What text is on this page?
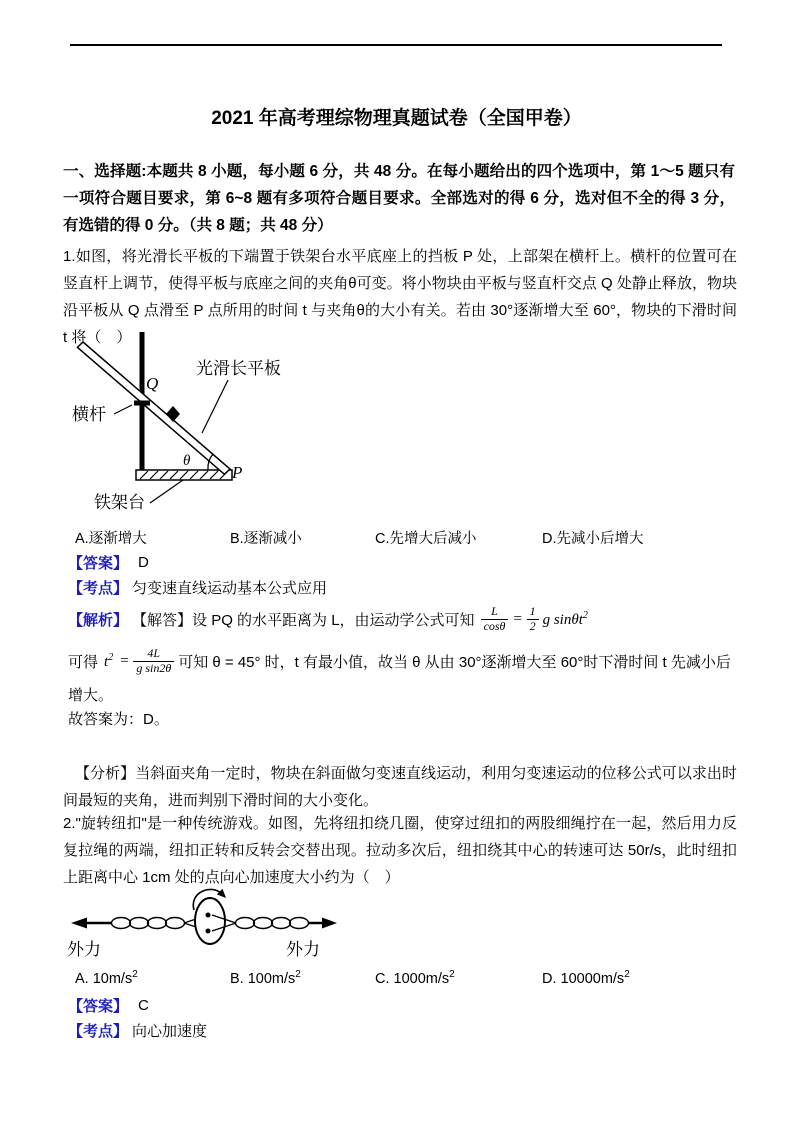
2021 年高考理综物理真题试卷（全国甲卷）
一、选择题:本题共 8 小题，每小题 6 分，共 48 分。在每小题给出的四个选项中，第 1～5 题只有一项符合题目要求，第 6~8 题有多项符合题目要求。全部选对的得 6 分，选对但不全的得 3 分，有选错的得 0 分。（共 8 题；共 48 分）
1.如图，将光滑长平板的下端置于铁架台水平底座上的挡板 P 处，上部架在横杆上。横杆的位置可在竖直杆上调节，使得平板与底座之间的夹角θ可变。将小物块由平板与竖直杆交点 Q 处静止释放，物块沿平板从 Q 点滑至 P 点所用的时间 t 与夹角θ的大小有关。若由 30°逐渐增大至 60°，物块的下滑时间 t 将（　）
Q
P
θ
光滑长平板
横杆
铁架台
A.逐渐增大	B.逐渐减小	C.先增大后减小	D.先减小后增大
【答案】 D
【考点】 匀变速直线运动基本公式应用
【解析】 【解答】 设 PQ 的水平距离为 L，由运动学公式可知 $\frac{L}{\cos\theta} = \frac{1}{2}$ g sinθt$^2$
可得 $t^2 = \frac{4L}{\text{g sin2θ}}$ 可知 θ = 45° 时，t 有最小值，故当 θ 从由 30°逐渐增大至 60°时下滑时间 t 先减小后
增大。
故答案为：D。
【分析】当斜面夹角一定时，物块在斜面做匀变速直线运动，利用匀变速运动的位移公式可以求出时间最短的夹角，进而判别下滑时间的大小变化。
2."旋转纽扣"是一种传统游戏。如图，先将纽扣绕几圈，使穿过纽扣的两股细绳拧在一起，然后用力反复拉绳的两端，纽扣正转和反转会交替出现。拉动多次后，纽扣绕其中心的转速可达 50r/s，此时纽扣上距离中心 1cm 处的点向心加速度大小约为（　）
外力	外力
A. $10m/s^2$	B. $100m/s^2$	C. $1000m/s^2$	D. $10000m/s^2$
【答案】 C
【考点】 向心加速度
